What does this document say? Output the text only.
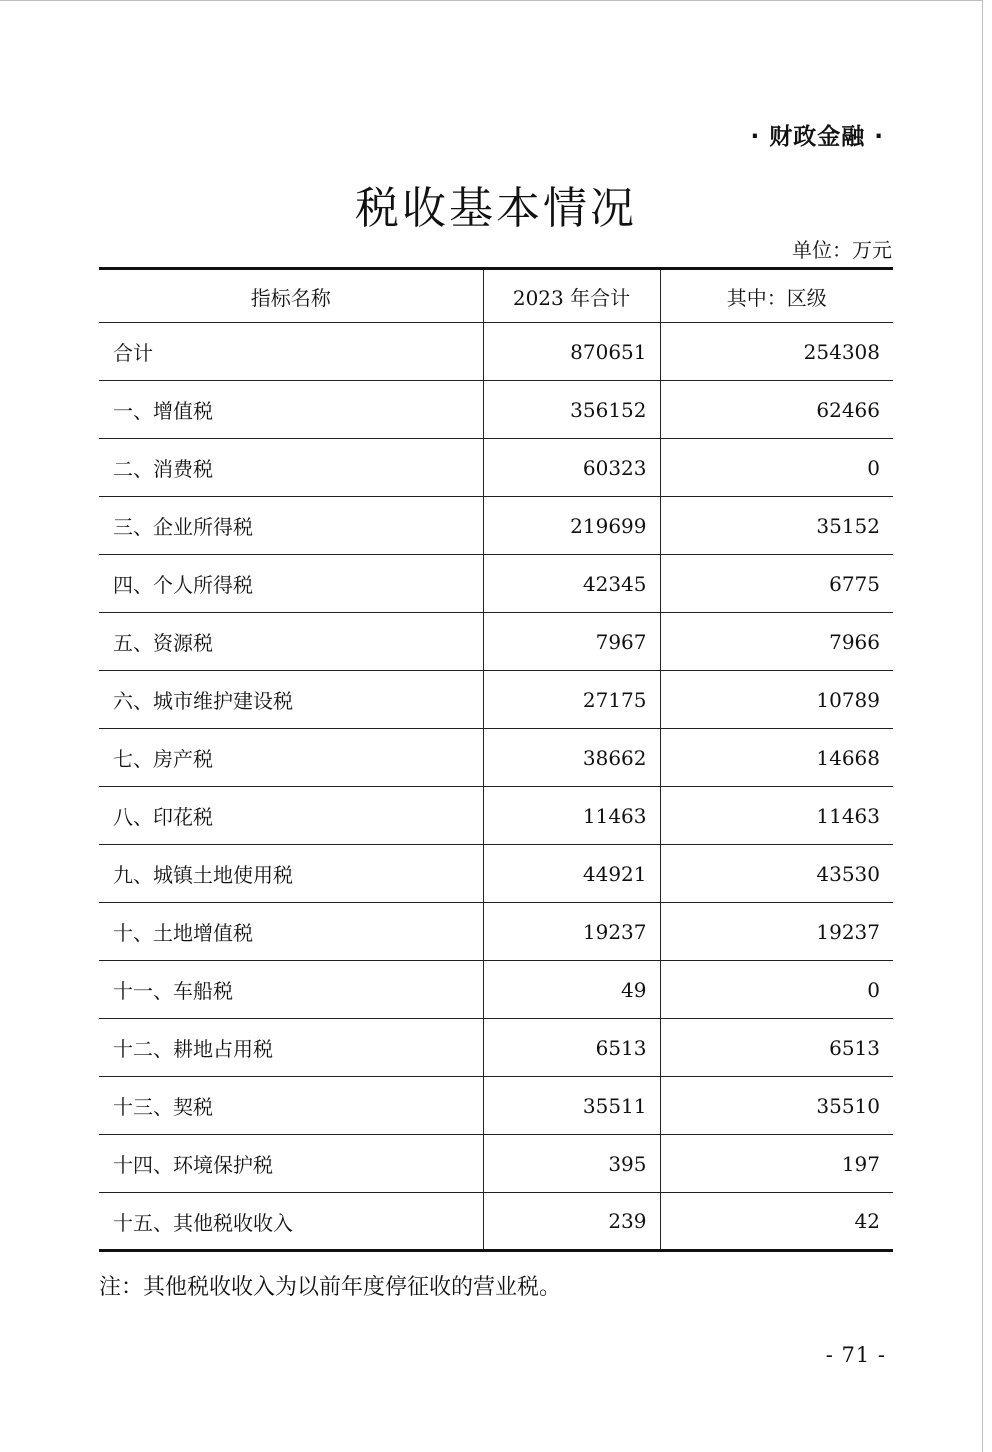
· 财政金融 ·
税收基本情况
单位：万元
指标名称	2023 年合计	其中：区级
合计	870651	254308
一、增值税	356152	62466
二、消费税	60323	0
三、企业所得税	219699	35152
四、个人所得税	42345	6775
五、资源税	7967	7966
六、城市维护建设税	27175	10789
七、房产税	38662	14668
八、印花税	11463	11463
九、城镇土地使用税	44921	43530
十、土地增值税	19237	19237
十一、车船税	49	0
十二、耕地占用税	6513	6513
十三、契税	35511	35510
十四、环境保护税	395	197
十五、其他税收收入	239	42
注：其他税收收入为以前年度停征收的营业税。
- 71 -
